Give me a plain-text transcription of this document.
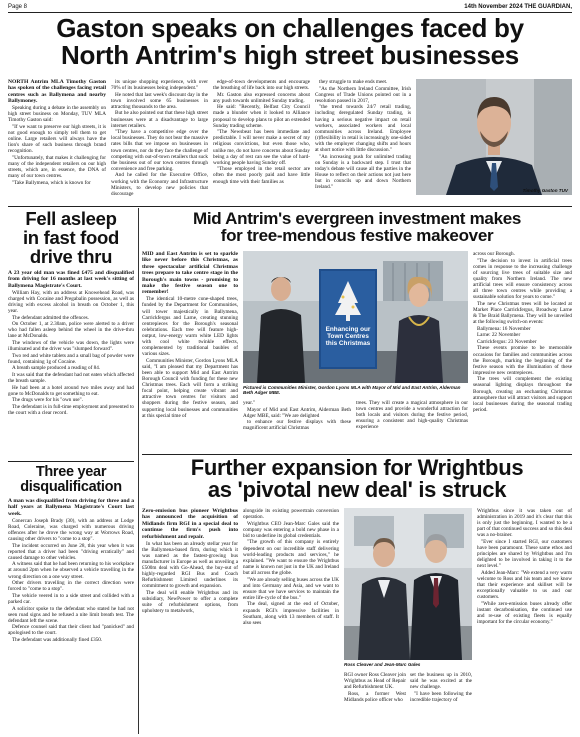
Page 8	14th November 2024 THE GUARDIAN,
Gaston speaks on challenges faced by
North Antrim's high street businesses

NORTH Antrim MLA Timothy Gaston has spoken of the challenges facing retail centres such as Ballymena and nearby Ballymoney.

Speaking during a debate in the assembly on high street business on Monday, TUV MLA Timothy Gaston said:

"If we want to preserve our high streets, it is not good enough to simply tell them to get online. Large retailers will always have the lion's share of such business through brand recognition.

"Unfortunately, that makes it challenging for many of the independent retailers on our high streets, which are, in essence, the DNA of many of our town centres.

"Take Ballymena, which is known for

its unique shopping experience, with over 70% of its businesses being independent."

He noted that last week's discount day in the town involved some 65 businesses in attracting thousands to the area.

But he also pointed out that these high street businesses were at a disadvantage to large internet retailers.

"They have a competitive edge over the local businesses. They do not bear the massive rates bills that we impose on businesses in town centres, nor do they face the challenge of competing with out-of-town retailers that suck the business out of our town centres through convenience and free parking.

And he called for the Executive Office, working with the Economy and Infrastructure Ministers, to develop new policies that discourage

edge-of-town developments and encourage the breathing of life back into our high streets.

Mr. Gaston also expressed concerns about any push towards unlimited Sunday trading.

He said: "Recently, Belfast City Council made a blunder when it looked to Alliance proposal to develop plans to pilot an extended Sunday trading scheme.

"The Newsbeat has been immediate and predictable. I will never make a secret of my religious convictions, but even those who, unlike me, do not have concerns about Sunday being a day of rest can see the value of hard-working people having Sunday off.

"Those employed in the retail sector are often the most poorly paid and have little enough time with their families as

they struggle to make ends meet.

"As the Northern Ireland Committee, Irish Congress of Trade Unions pointed out in a resolution passed in 2017,

"the trend towards 24/7 retail trading, including deregulated Sunday trading, is having a serious negative impact on retail workers, associated workers and local communities across Ireland. Employee (r)flexibility in retail is increasingly one-sided with the employer changing shifts and hours at short notice with little discussion."

"An increasing push for unlimited trading on Sunday is a backward step. I trust that today's debate will cause all the parties in the House to reflect on their actions not just here but in councils up and down Northern Ireland."	Timothy Gaston TUV
Fell asleep
in fast food
drive thru

A 23 year old man was fined £475 and disqualified from driving for 16 months at last week's sitting of Ballymena Magistrate's Court.

William Hay, with an address at Knowehead Road, was charged with Cocaine and Pregabalin possession, as well as driving with excess alcohol in breath on October 1, this year.

The defendant admitted the offences.

On October 1, at 2.30am, police were alerted to a driver who had fallen asleep behind the wheel in the drive-thru lane at McDonalds.

The windows of the vehicle was down, the lights were illuminated and the driver was "slumped forward".

Two red and white tablets and a small bag of powder were found, containing 1g of Cocaine.

A breath sample produced a reading of 84.

It was said that the defendant had not eaten which affected the breath sample.

He had been at a hotel around two miles away and had gone to McDonalds to get something to eat.

The drugs were for his "own use".

The defendant is in full-time employment and presented to the court with a clear record.

Three year
disqualification

A man was disqualified from driving for three and a half years at Ballymena Magistrate's Court last week.

Conercan Joseph Brady (30), with an address at Lodge Road, Coleraine, was charged with numerous driving offences after he drove the wrong way at Worrows Road, causing other drivers to "come to a stop".

The incident occurred on June 28, this year when it was reported that a driver had been "driving erratically" and caused damage to other vehicles.

A witness said that he had been returning to his workplace at around 2pm when he observed a vehicle travelling in the wrong direction on a one way street.

Other drivers travelling in the correct direction were forced to "come to a stop".

The vehicle veered in to a side street and collided with a parked car.

A solicitor spoke to the defendant who stated he had not seen road signs and he refused a nite limit breath test. The defendant left the scene.

Defence counsel said that their client had "panicked" and apologised to the court.

The defendant was additionally fined £350.

Mid Antrim's evergreen investment makes
for tree-mendous festive makeover

MID and East Antrim is set to sparkle like never before this Christmas, as three spectacular artificial Christmas trees prepare to take centre stage in the Borough's main towns - promising to make the festive season one to remember!

The identical 10-metre cone-shaped trees, funded by the Department for Communities, will tower majestically in Ballymena, Carrickfergus and Larne, creating stunning centrepieces for the Borough's seasonal celebrations. Each tree will feature high-output, low-energy warm white LED lights with cool white twinkle effects, complemented by traditional baubles of various sizes.

Communities Minister, Gordon Lyons MLA said, "I am pleased that my Department has been able to support Mid and East Antrim Borough Council with funding for these new Christmas trees. Each will form a striking focal point, helping create vibrant and attractive town centres for visitors and shoppers during the festive season, and supporting local businesses and communities at this special time of

Enhancing our Town Centres this Christmas
Pictured is Communities Minister, Gordon Lyons MLA with Mayor of Mid and East Antrim, Alderman Beth Adger MBE.

year."

Mayor of Mid and East Antrim, Alderman Beth Adger MBE, said: "We are delighted

to enhance our festive displays with these magnificent artificial Christmas

trees. They will create a magical atmosphere in our town centres and provide a wonderful attraction for both locals and visitors during the festive period, ensuring a consistent and high-quality Christmas experience

across our Borough.

"The decision to invest in artificial trees comes in response to the increasing challenge of sourcing live trees of suitable size and quality from Northern Ireland. The new artificial trees will ensure consistency across all three town centres while providing a sustainable solution for years to come."

The new Christmas trees will be located at Market Place Carrickfergus, Broadway Larne & The Braid Ballymena. They will be unveiled at the following switch-on events:

Ballymena: 16 November

Larne: 22 November

Carrickfergus: 23 November

These events promise to be memorable occasions for families and communities across the Borough, marking the beginning of the festive season with the illumination of these impressive new centrepieces.

The trees will complement the existing seasonal lighting displays throughout the Borough, creating an enchanting Christmas atmosphere that will attract visitors and support local businesses during the seasonal trading period.

Further expansion for Wrightbus
as 'pivotal new deal' is struck

Zero-emission bus pioneer Wrightbus has announced the acquisition of Midlands firm RGI in a special deal to continue the firm's push into refurbishment and repair.

In what has been an already stellar year for the Ballymena-based firm, during which it was named as the fastest-growing bus manufacturer in Europe as well as unveiling a £500m deal with Go-Ahead, the buy-out of highly-regarded RGI Bus and Coach Refurbishment Limited underlines its commitment to growth and expansion.

The deal will enable Wrightbus and its subsidiary, NewPower to offer a complete suite of refurbishment options, from upholstery to metalwork,

alongside its existing powertrain conversion operation.

Wrightbus CEO Jean-Marc Gales said the company was entering a bold new phase in a bid to underline its global credentials.

"The growth of this company is entirely dependent on our incredible staff delivering world-leading products and services," he explained. "We want to ensure the Wrightbus name is known not just in the UK and Ireland but all across the globe.

"We are already selling buses across the UK and into Germany and Asia, and we want to ensure that we have services to maintain the entire life-cycle of the bus."

The deal, signed at the end of October, expands RGI's impressive facilities in Southam, along with 13 members of staff. It also sees

Ross Cleaver and Jean-Marc Gales

RGI owner Ross Cleaver join Wrightbus as Head of Repair and Refurbishment UK.

Ross, a former West Midlands police officer who

set the business up in 2010, said he was excited at the new challenge.

"I have been following the incredible trajectory of

Wrightbus since it was taken out of administration in 2019 and it's clear that this is only just the beginning. I wanted to be a part of that continued success and so this deal was a no-brainer.

"Ever since I started RGI, our customers have been paramount. These same ethos and principles are shared by Wrightbus and I'm delighted to be involved in taking it to the next level."

Added Jean-Marc: "We extend a very warm welcome to Ross and his team and we know that their experience and skillset will be exceptionally valuable to us and our customers.

"While zero-emission buses already offer instant decarbonisation, the continued use and re-use of existing fleets is equally important for the circular economy."
